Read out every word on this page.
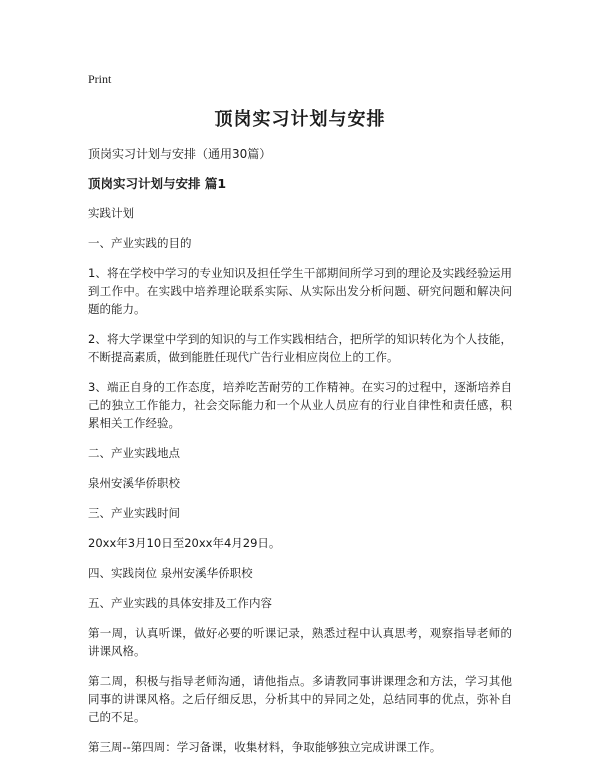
Print
顶岗实习计划与安排
顶岗实习计划与安排（通用30篇）
顶岗实习计划与安排 篇1
实践计划
一、产业实践的目的
1、将在学校中学习的专业知识及担任学生干部期间所学习到的理论及实践经验运用到工作中。在实践中培养理论联系实际、从实际出发分析问题、研究问题和解决问题的能力。
2、将大学课堂中学到的知识的与工作实践相结合，把所学的知识转化为个人技能，不断提高素质，做到能胜任现代广告行业相应岗位上的工作。
3、端正自身的工作态度，培养吃苦耐劳的工作精神。在实习的过程中，逐渐培养自己的独立工作能力，社会交际能力和一个从业人员应有的行业自律性和责任感，积累相关工作经验。
二、产业实践地点
泉州安溪华侨职校
三、产业实践时间
20xx年3月10日至20xx年4月29日。
四、实践岗位 泉州安溪华侨职校
五、产业实践的具体安排及工作内容
第一周，认真听课，做好必要的听课记录，熟悉过程中认真思考，观察指导老师的讲课风格。
第二周，积极与指导老师沟通，请他指点。多请教同事讲课理念和方法，学习其他同事的讲课风格。之后仔细反思，分析其中的异同之处，总结同事的优点，弥补自己的不足。
第三周--第四周：学习备课，收集材料，争取能够独立完成讲课工作。
